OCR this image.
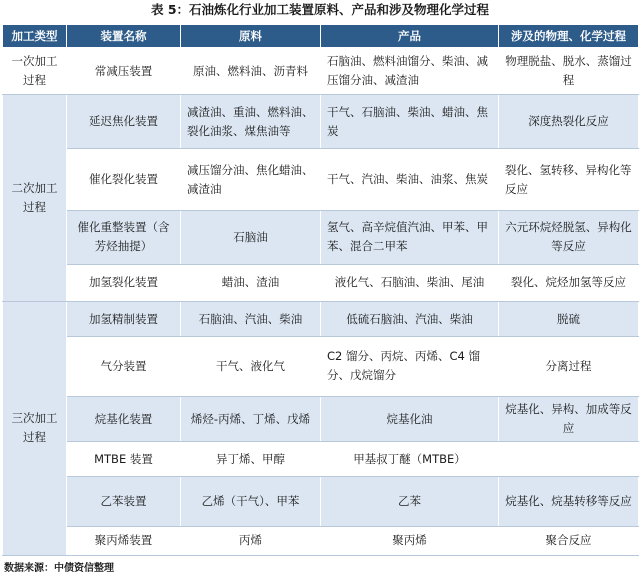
表 5：石油炼化行业加工装置原料、产品和涉及物理化学过程
加工类型	装置名称	原料	产品	涉及的物理、化学过程
一次加工过程	常减压装置	原油、燃料油、沥青料	石脑油、燃料油馏分、柴油、减压馏分油、减渣油	物理脱盐、脱水、蒸馏过程
二次加工过程	延迟焦化装置	减渣油、重油、燃料油、裂化油浆、煤焦油等	干气、石脑油、柴油、蜡油、焦炭	深度热裂化反应
	催化裂化装置	减压馏分油、焦化蜡油、减渣油	干气、汽油、柴油、油浆、焦炭	裂化、氢转移、异构化等反应
	催化重整装置（含芳烃抽提）	石脑油	氢气、高辛烷值汽油、甲苯、甲苯、混合二甲苯	六元环烷烃脱氢、异构化等反应
	加氢裂化装置	蜡油、渣油	液化气、石脑油、柴油、尾油	裂化、烷烃加氢等反应
三次加工过程	加氢精制装置	石脑油、汽油、柴油	低硫石脑油、汽油、柴油	脱硫
	气分装置	干气、液化气	C2 馏分、丙烷、丙烯、C4 馏分、戊烷馏分	分离过程
	烷基化装置	烯烃-丙烯、丁烯、戊烯	烷基化油	烷基化、异构、加成等反应
	MTBE 装置	异丁烯、甲醇	甲基叔丁醚（MTBE）	
	乙苯装置	乙烯（干气）、甲苯	乙苯	烷基化、烷基转移等反应
	聚丙烯装置	丙烯	聚丙烯	聚合反应
数据来源：中债资信整理
